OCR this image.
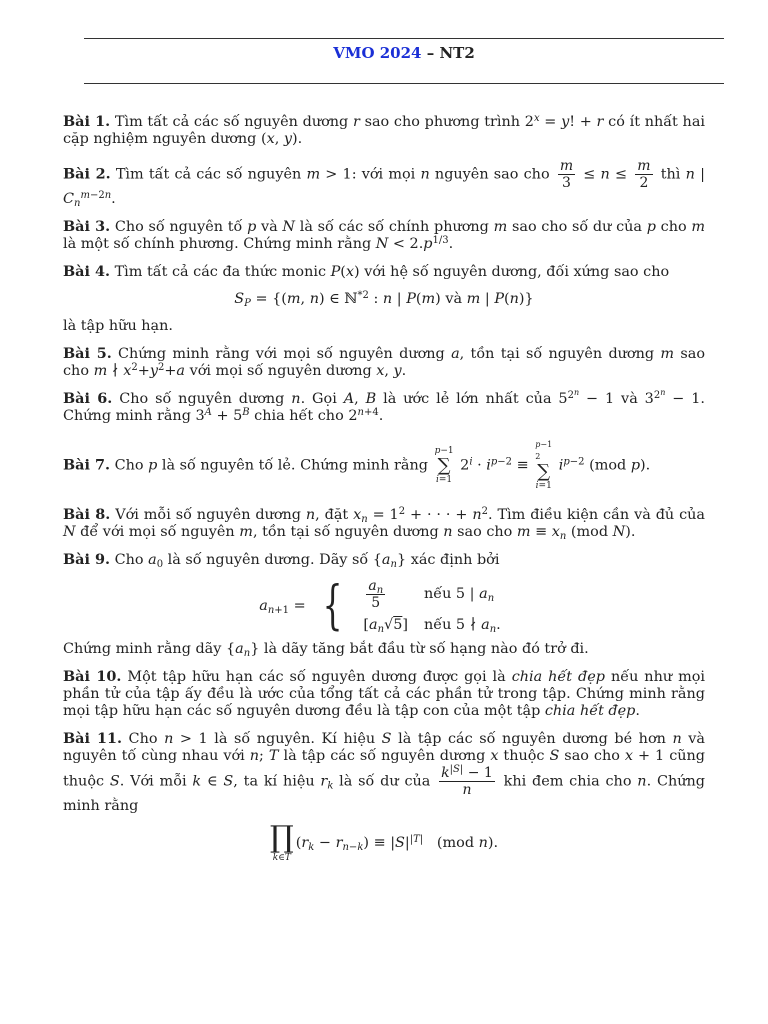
VMO 2024 – NT2
Bài 1. Tìm tất cả các số nguyên dương r sao cho phương trình $2^x = y$! + r có ít nhất hai cặp nghiệm nguyên dương (x, y).
Bài 2. Tìm tất cả các số nguyên m > 1: với mọi n nguyên sao cho $\frac{m}{3} \le n \le \frac{m}{2}$ thì n | $C_n^{m-2n}$.
Bài 3. Cho số nguyên tố p và N là số các số chính phương m sao cho số dư của p cho m là một số chính phương. Chứng minh rằng $N < 2.p^{1/3}$.
Bài 4. Tìm tất cả các đa thức monic P(x) với hệ số nguyên dương, đối xứng sao cho
$S_P = \{(m$, n) ∈ ℕ$^{*2}$ : n | P(m) và m | P(n)}
là tập hữu hạn.
Bài 5. Chứng minh rằng với mọi số nguyên dương a, tồn tại số nguyên dương m sao cho m ∤ $x^2+y^2+a$ với mọi số nguyên dương x, y.
Bài 6. Cho số nguyên dương n. Gọi A, B là ước lẻ lớn nhất của $5^{2^n} - 1$ và $3^{2^n} - 1$. Chứng minh rằng $3^A + 5^B$ chia hết cho $2^{n+4}$.
Bài 7. Cho p là số nguyên tố lẻ. Chứng minh rằng
p−1
∑
i=1
$2^i \cdot i^{p-2}$ ≡
p−1
2
∑
i=1
$i^{p-2}$ (mod p).
Bài 8. Với mỗi số nguyên dương n, đặt $x_n = 1^2$ + · · · + $n^2$. Tìm điều kiện cần và đủ của N để với mọi số nguyên m, tồn tại số nguyên dương n sao cho $m \equiv x_n$ (mod N).
Bài 9. Cho $a_0$ là số nguyên dương. Dãy số $\{a_n\}$ xác định bởi
$a_{n+1}$ = { $\frac{a_n}{5}$	nếu 5 | $a_n$
$[a_n√5]$	nếu 5 ∤ $a_n$.
Chứng minh rằng dãy $\{a_n\}$ là dãy tăng bắt đầu từ số hạng nào đó trở đi.
Bài 10. Một tập hữu hạn các số nguyên dương được gọi là chia hết đẹp nếu như mọi phần tử của tập ấy đều là ước của tổng tất cả các phần tử trong tập. Chứng minh rằng mọi tập hữu hạn các số nguyên dương đều là tập con của một tập chia hết đẹp.
Bài 11. Cho n > 1 là số nguyên. Kí hiệu S là tập các số nguyên dương bé hơn n và nguyên tố cùng nhau với n; T là tập các số nguyên dương x thuộc S sao cho x + 1 cũng thuộc S. Với mỗi k ∈ S, ta kí hiệu $r_k$ là số dư của $\frac{k^{|S|} - 1}{n}$ khi đem chia cho n. Chứng minh rằng
∏
k∈T
$(r_k - r_{n-k}) \equiv |S|^{|T|}$   (mod n).
